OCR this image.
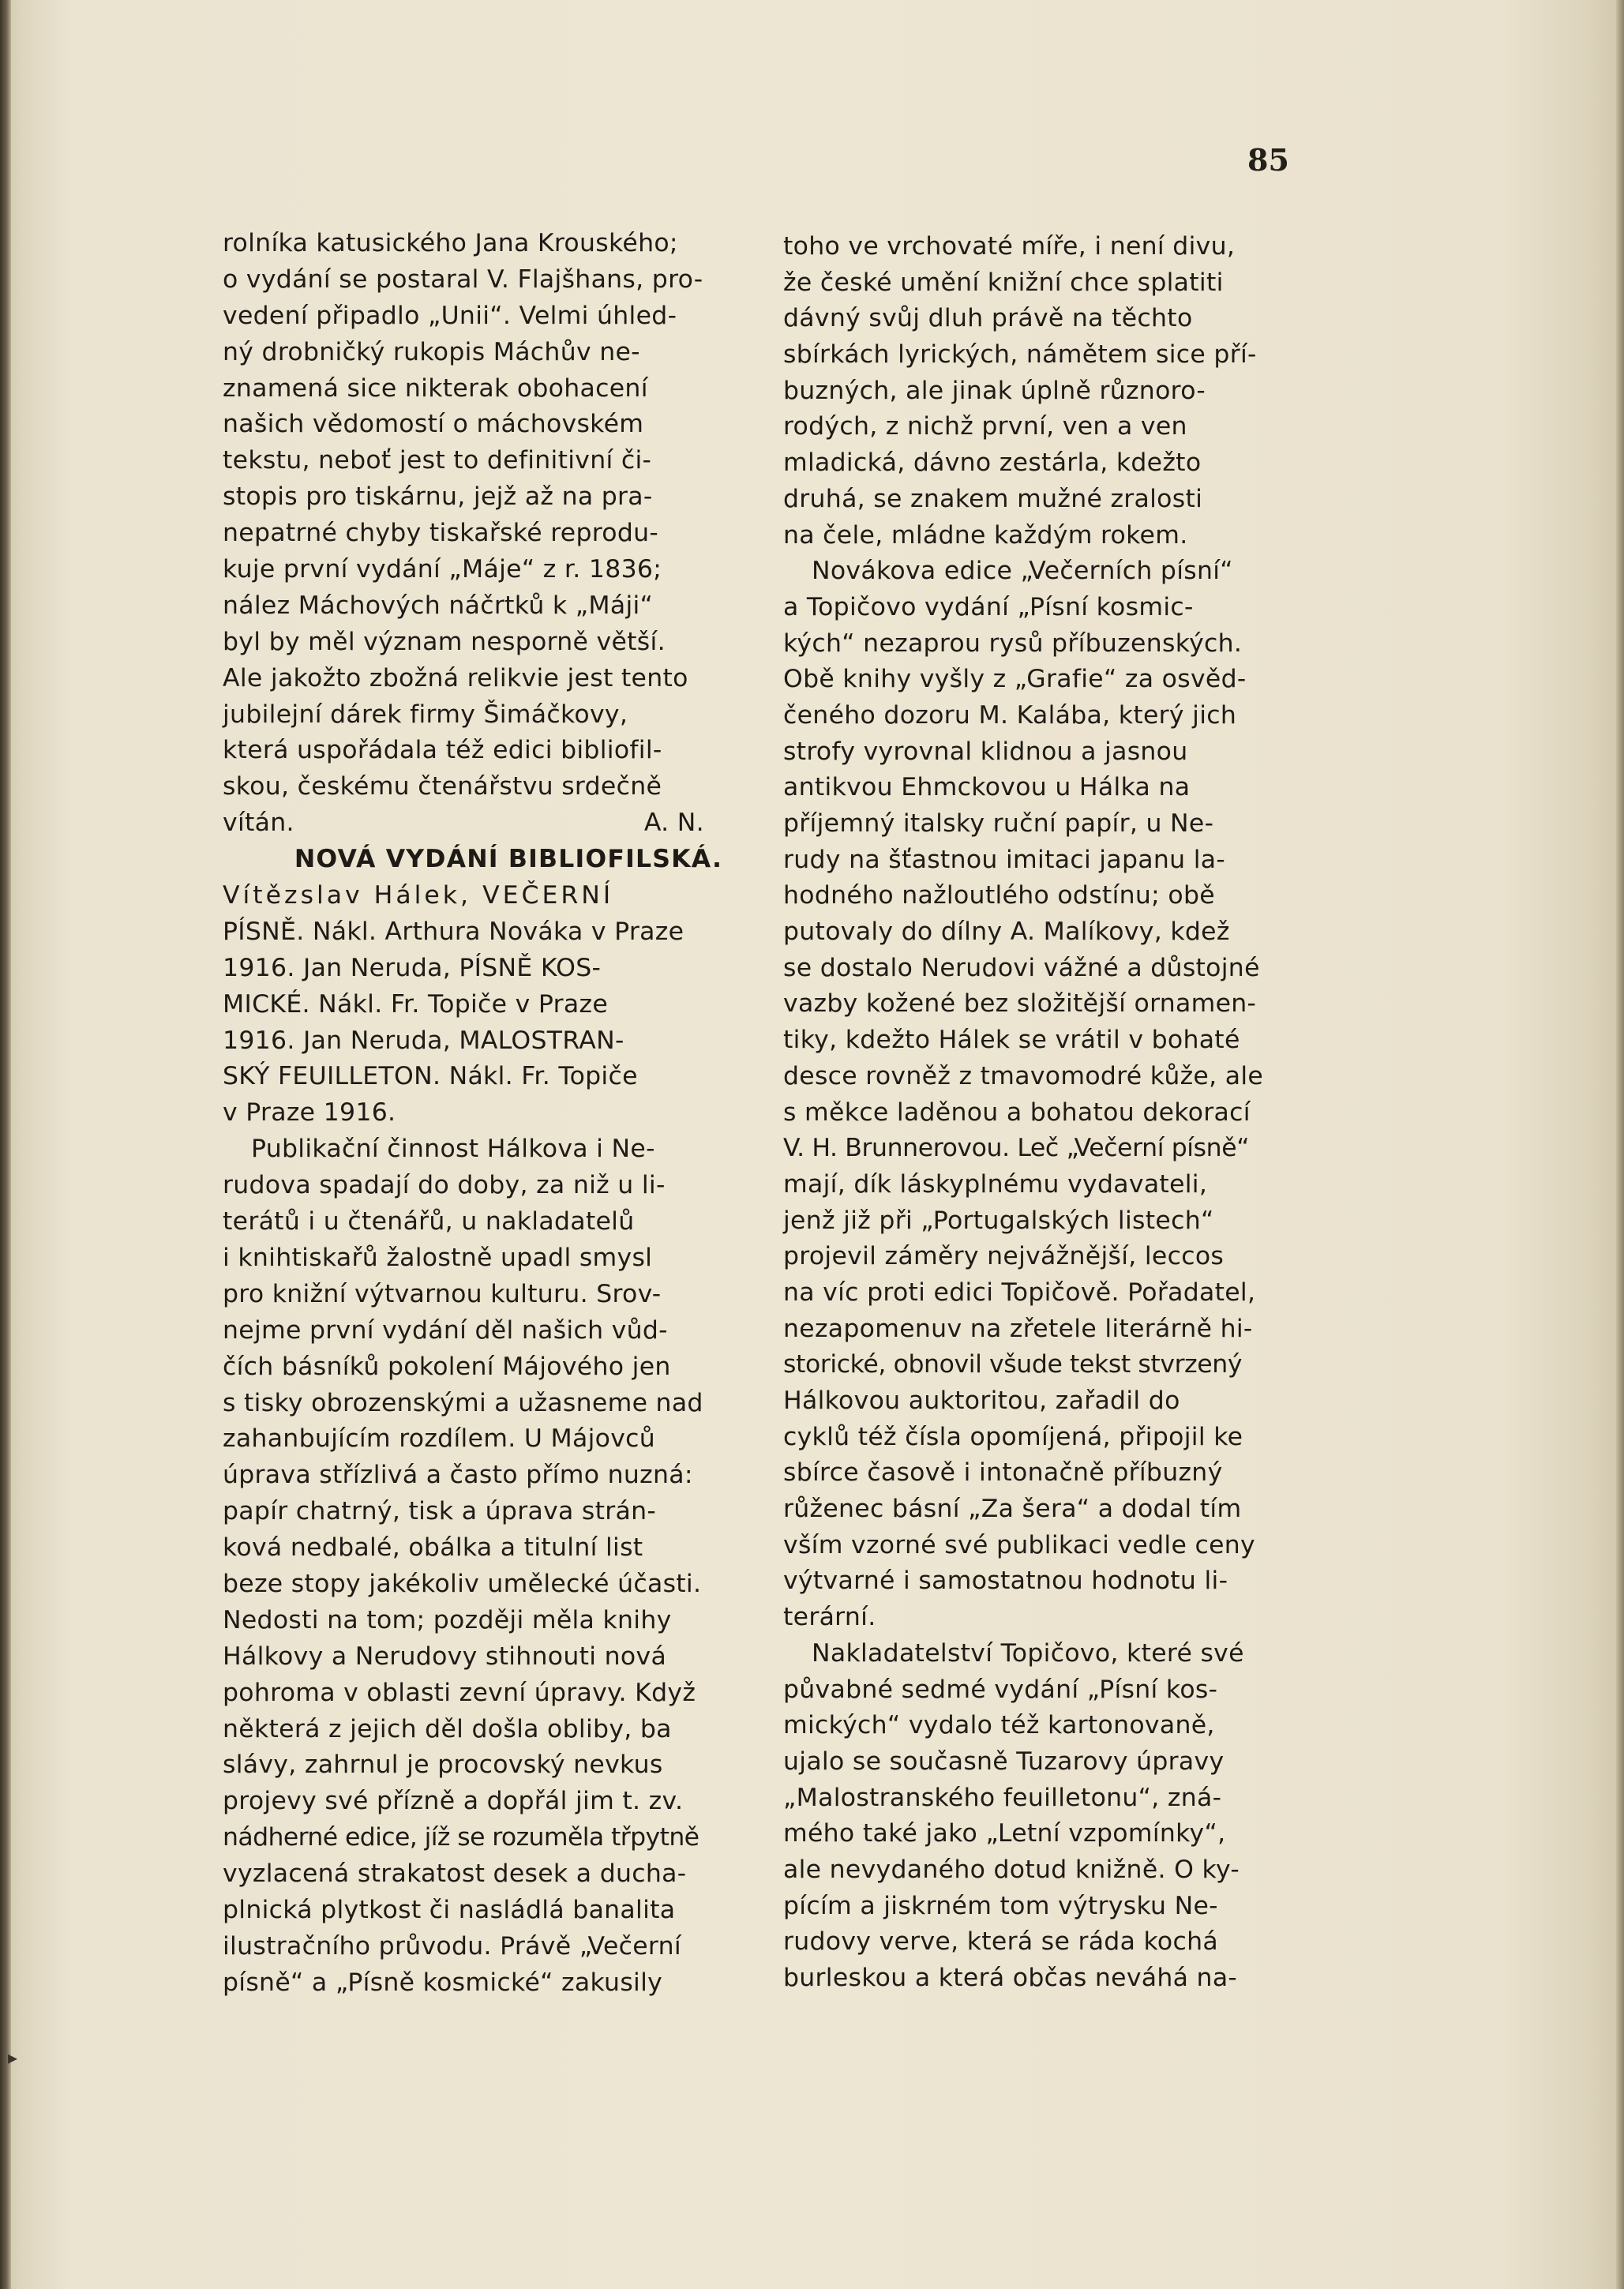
85
rolníka katusického Jana Krouského;
o vydání se postaral V. Flajšhans, pro-
vedení připadlo „Unii“. Velmi úhled-
ný drobničký rukopis Máchův ne-
znamená sice nikterak obohacení
našich vědomostí o máchovském
tekstu, neboť jest to definitivní či-
stopis pro tiskárnu, jejž až na pra-
nepatrné chyby tiskařské reprodu-
kuje první vydání „Máje“ z r. 1836;
nález Máchových náčrtků k „Máji“
byl by měl význam nesporně větší.
Ale jakožto zbožná relikvie jest tento
jubilejní dárek firmy Šimáčkovy,
která uspořádala též edici bibliofil-
skou, českému čtenářstvu srdečně
vítán.	A. N.
NOVÁ VYDÁNÍ BIBLIOFILSKÁ.
Vítězslav Hálek, VEČERNÍ
PÍSNĚ. Nákl. Arthura Nováka v Praze
1916. Jan Neruda, PÍSNĚ KOS-
MICKÉ. Nákl. Fr. Topiče v Praze
1916. Jan Neruda, MALOSTRAN-
SKÝ FEUILLETON. Nákl. Fr. Topiče
v Praze 1916.
Publikační činnost Hálkova i Ne-
rudova spadají do doby, za niž u li-
terátů i u čtenářů, u nakladatelů
i knihtiskařů žalostně upadl smysl
pro knižní výtvarnou kulturu. Srov-
nejme první vydání děl našich vůd-
čích básníků pokolení Májového jen
s tisky obrozenskými a užasneme nad
zahanbujícím rozdílem. U Májovců
úprava střízlivá a často přímo nuzná:
papír chatrný, tisk a úprava strán-
ková nedbalé, obálka a titulní list
beze stopy jakékoliv umělecké účasti.
Nedosti na tom; později měla knihy
Hálkovy a Nerudovy stihnouti nová
pohroma v oblasti zevní úpravy. Když
některá z jejich děl došla obliby, ba
slávy, zahrnul je procovský nevkus
projevy své přízně a dopřál jim t. zv.
nádherné edice, jíž se rozuměla třpytně
vyzlacená strakatost desek a ducha-
plnická plytkost či nasládlá banalita
ilustračního průvodu. Právě „Večerní
písně“ a „Písně kosmické“ zakusily
toho ve vrchovaté míře, i není divu,
že české umění knižní chce splatiti
dávný svůj dluh právě na těchto
sbírkách lyrických, námětem sice pří-
buzných, ale jinak úplně různoro-
rodých, z nichž první, ven a ven
mladická, dávno zestárla, kdežto
druhá, se znakem mužné zralosti
na čele, mládne každým rokem.
Novákova edice „Večerních písní“
a Topičovo vydání „Písní kosmic-
kých“ nezaprou rysů příbuzenských.
Obě knihy vyšly z „Grafie“ za osvěd-
čeného dozoru M. Kalába, který jich
strofy vyrovnal klidnou a jasnou
antikvou Ehmckovou u Hálka na
příjemný italsky ruční papír, u Ne-
rudy na šťastnou imitaci japanu la-
hodného nažloutlého odstínu; obě
putovaly do dílny A. Malíkovy, kdež
se dostalo Nerudovi vážné a důstojné
vazby kožené bez složitější ornamen-
tiky, kdežto Hálek se vrátil v bohaté
desce rovněž z tmavomodré kůže, ale
s měkce laděnou a bohatou dekorací
V. H. Brunnerovou. Leč „Večerní písně“
mají, dík láskyplnému vydavateli,
jenž již při „Portugalských listech“
projevil záměry nejvážnější, leccos
na víc proti edici Topičově. Pořadatel,
nezapomenuv na zřetele literárně hi-
storické, obnovil všude tekst stvrzený
Hálkovou auktoritou, zařadil do
cyklů též čísla opomíjená, připojil ke
sbírce časově i intonačně příbuzný
růženec básní „Za šera“ a dodal tím
vším vzorné své publikaci vedle ceny
výtvarné i samostatnou hodnotu li-
terární.
Nakladatelství Topičovo, které své
půvabné sedmé vydání „Písní kos-
mických“ vydalo též kartonovaně,
ujalo se současně Tuzarovy úpravy
„Malostranského feuilletonu“, zná-
mého také jako „Letní vzpomínky“,
ale nevydaného dotud knižně. O ky-
pícím a jiskrném tom výtrysku Ne-
rudovy verve, která se ráda kochá
burleskou a která občas neváhá na-
▸
